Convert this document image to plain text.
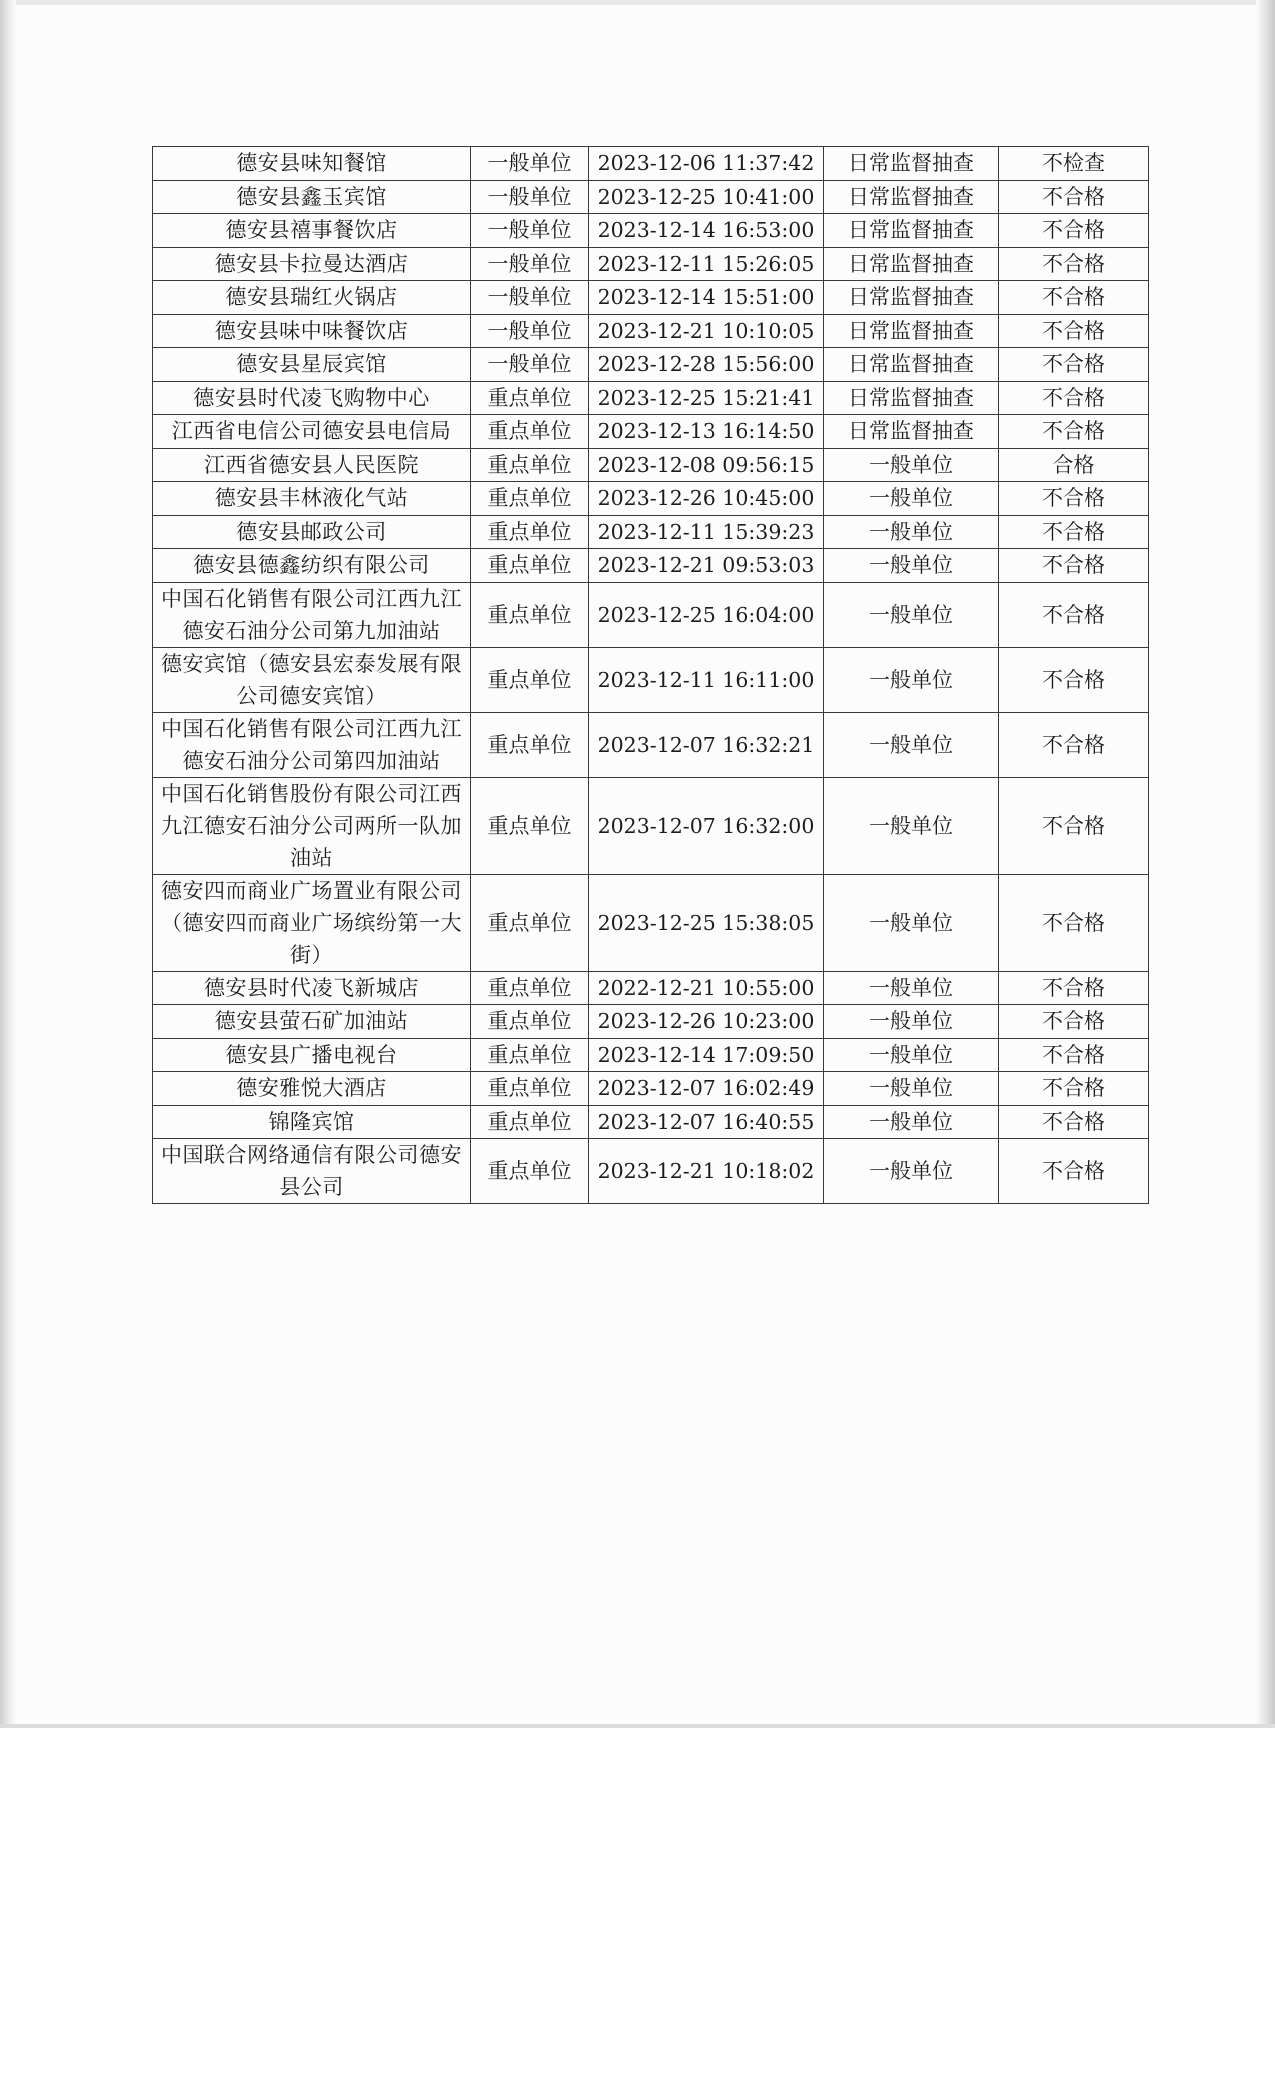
德安县味知餐馆	一般单位	2023-12-06 11:37:42	日常监督抽查	不检查
德安县鑫玉宾馆	一般单位	2023-12-25 10:41:00	日常监督抽查	不合格
德安县禧事餐饮店	一般单位	2023-12-14 16:53:00	日常监督抽查	不合格
德安县卡拉曼达酒店	一般单位	2023-12-11 15:26:05	日常监督抽查	不合格
德安县瑞红火锅店	一般单位	2023-12-14 15:51:00	日常监督抽查	不合格
德安县味中味餐饮店	一般单位	2023-12-21 10:10:05	日常监督抽查	不合格
德安县星辰宾馆	一般单位	2023-12-28 15:56:00	日常监督抽查	不合格
德安县时代凌飞购物中心	重点单位	2023-12-25 15:21:41	日常监督抽查	不合格
江西省电信公司德安县电信局	重点单位	2023-12-13 16:14:50	日常监督抽查	不合格
江西省德安县人民医院	重点单位	2023-12-08 09:56:15	一般单位	合格
德安县丰林液化气站	重点单位	2023-12-26 10:45:00	一般单位	不合格
德安县邮政公司	重点单位	2023-12-11 15:39:23	一般单位	不合格
德安县德鑫纺织有限公司	重点单位	2023-12-21 09:53:03	一般单位	不合格
中国石化销售有限公司江西九江德安石油分公司第九加油站	重点单位	2023-12-25 16:04:00	一般单位	不合格
德安宾馆（德安县宏泰发展有限公司德安宾馆）	重点单位	2023-12-11 16:11:00	一般单位	不合格
中国石化销售有限公司江西九江德安石油分公司第四加油站	重点单位	2023-12-07 16:32:21	一般单位	不合格
中国石化销售股份有限公司江西九江德安石油分公司两所一队加油站	重点单位	2023-12-07 16:32:00	一般单位	不合格
德安四而商业广场置业有限公司（德安四而商业广场缤纷第一大街）	重点单位	2023-12-25 15:38:05	一般单位	不合格
德安县时代凌飞新城店	重点单位	2022-12-21 10:55:00	一般单位	不合格
德安县萤石矿加油站	重点单位	2023-12-26 10:23:00	一般单位	不合格
德安县广播电视台	重点单位	2023-12-14 17:09:50	一般单位	不合格
德安雅悦大酒店	重点单位	2023-12-07 16:02:49	一般单位	不合格
锦隆宾馆	重点单位	2023-12-07 16:40:55	一般单位	不合格
中国联合网络通信有限公司德安县公司	重点单位	2023-12-21 10:18:02	一般单位	不合格
